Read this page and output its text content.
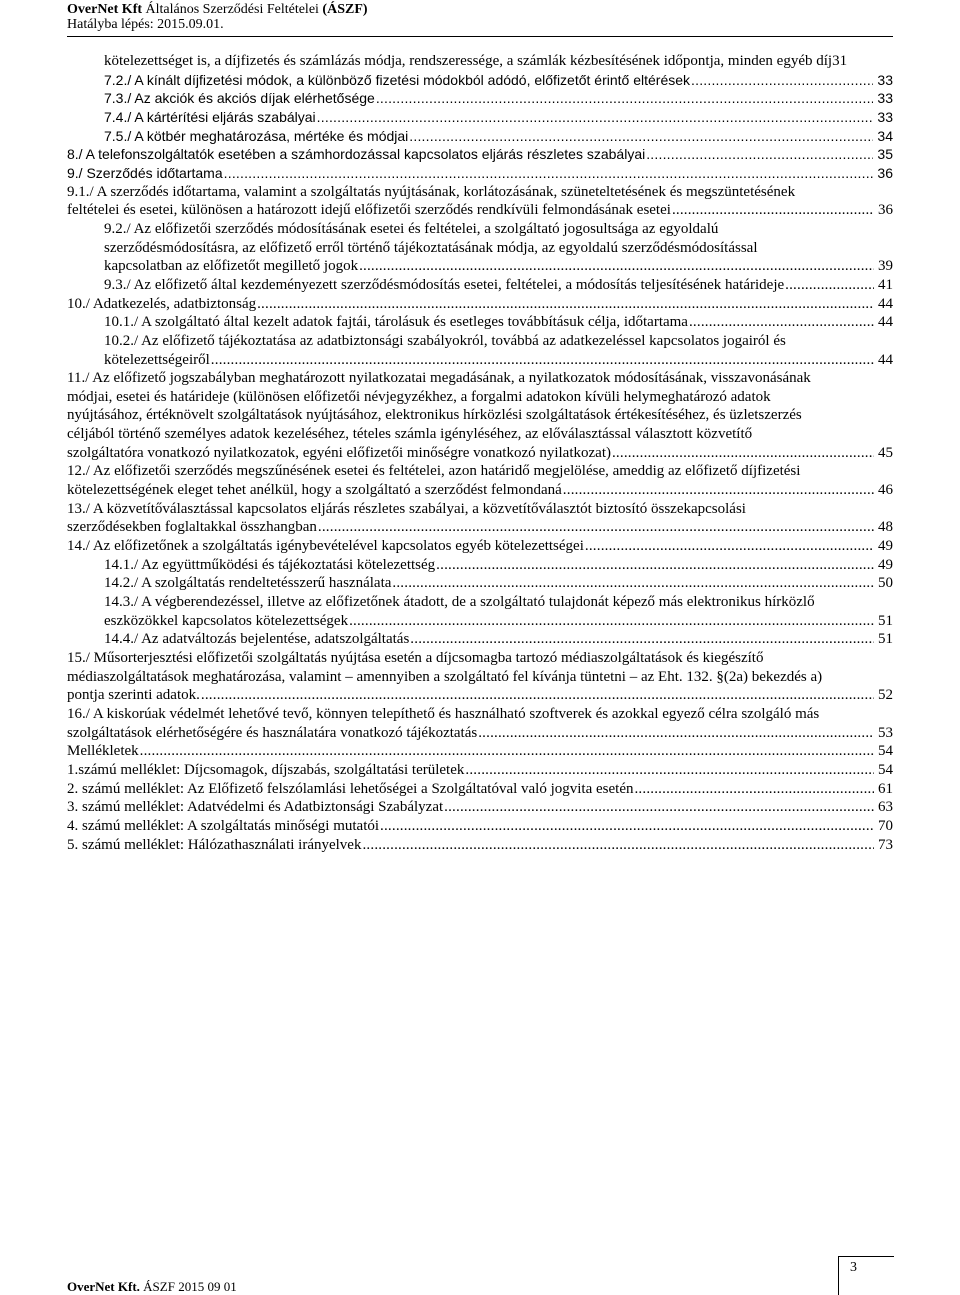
OverNet Kft Általános Szerződési Feltételei (ÁSZF)
Hatályba lépés: 2015.09.01.
kötelezettséget is, a díjfizetés és számlázás módja, rendszeressége, a számlák kézbesítésének időpontja, minden egyéb díj 31
7.2./ A kínált díjfizetési módok, a különböző fizetési módokból adódó, előfizetőt érintő eltérések .....	33
7.3./ Az akciók és akciós díjak elérhetősége .....	33
7.4./ A kártérítési eljárás szabályai .....	33
7.5./ A kötbér meghatározása, mértéke és módjai .....	34
8./ A telefonszolgáltatók esetében a számhordozással kapcsolatos eljárás részletes szabályai .....	35
9./ Szerződés időtartama .....	36
9.1./ A szerződés időtartama, valamint a szolgáltatás nyújtásának, korlátozásának, szüneteltetésének és megszüntetésének
feltételei és esetei, különösen a határozott idejű előfizetői szerződés rendkívüli felmondásának esetei .....	36
9.2./ Az előfizetői szerződés módosításának esetei és feltételei, a szolgáltató jogosultsága az egyoldalú
szerződésmódosításra, az előfizető erről történő tájékoztatásának módja, az egyoldalú szerződésmódosítással
kapcsolatban az előfizetőt megillető jogok .....	39
9.3./ Az előfizető által kezdeményezett szerződésmódosítás esetei, feltételei, a módosítás teljesítésének határideje .....	41
10./ Adatkezelés, adatbiztonság .....	44
10.1./ A szolgáltató által kezelt adatok fajtái, tárolásuk és esetleges továbbításuk célja, időtartama .....	44
10.2./ Az előfizető tájékoztatása az adatbiztonsági szabályokról, továbbá az adatkezeléssel kapcsolatos jogairól és
kötelezettségeiről .....	44
11./ Az előfizető jogszabályban meghatározott nyilatkozatai megadásának, a nyilatkozatok módosításának, visszavonásának
módjai, esetei és határideje (különösen előfizetői névjegyzékhez, a forgalmi adatokon kívüli helymeghatározó adatok
nyújtásához, értéknövelt szolgáltatások nyújtásához, elektronikus hírközlési szolgáltatások értékesítéséhez, és üzletszerzés
céljából történő személyes adatok kezeléséhez, tételes számla igényléséhez, az előválasztással választott közvetítő
szolgáltatóra vonatkozó nyilatkozatok, egyéni előfizetői minőségre vonatkozó nyilatkozat) .....	45
12./ Az előfizetői szerződés megszűnésének esetei és feltételei, azon határidő megjelölése, ameddig az előfizető díjfizetési
kötelezettségének eleget tehet anélkül, hogy a szolgáltató a szerződést felmondaná .....	46
13./ A közvetítőválasztással kapcsolatos eljárás részletes szabályai, a közvetítőválasztót biztosító összekapcsolási
szerződésekben foglaltakkal összhangban .....	48
14./ Az előfizetőnek a szolgáltatás igénybevételével kapcsolatos egyéb kötelezettségei .....	49
14.1./ Az együttműködési és tájékoztatási kötelezettség .....	49
14.2./ A szolgáltatás rendeltetésszerű használata .....	50
14.3./ A végberendezéssel, illetve az előfizetőnek átadott, de a szolgáltató tulajdonát képező más elektronikus hírközlő
eszközökkel kapcsolatos kötelezettségek .....	51
14.4./ Az adatváltozás bejelentése, adatszolgáltatás .....	51
15./ Műsorterjesztési előfizetői szolgáltatás nyújtása esetén a díjcsomagba tartozó médiaszolgáltatások és kiegészítő
médiaszolgáltatások meghatározása, valamint – amennyiben a szolgáltató fel kívánja tüntetni – az Eht. 132. §(2a) bekezdés a)
pontja szerinti adatok. .....	52
16./ A kiskorúak védelmét lehetővé tevő, könnyen telepíthető és használható szoftverek és azokkal egyező célra szolgáló más
szolgáltatások elérhetőségére és használatára vonatkozó tájékoztatás .....	53
Mellékletek .....	54
1.számú melléklet: Díjcsomagok, díjszabás, szolgáltatási területek .....	54
2. számú melléklet: Az Előfizető felszólamlási lehetőségei a Szolgáltatóval való jogvita esetén .....	61
3. számú melléklet: Adatvédelmi és Adatbiztonsági Szabályzat .....	63
4. számú melléklet: A szolgáltatás minőségi mutatói .....	70
5. számú melléklet: Hálózathasználati irányelvek .....	73
3
OverNet Kft. ÁSZF 2015 09 01
